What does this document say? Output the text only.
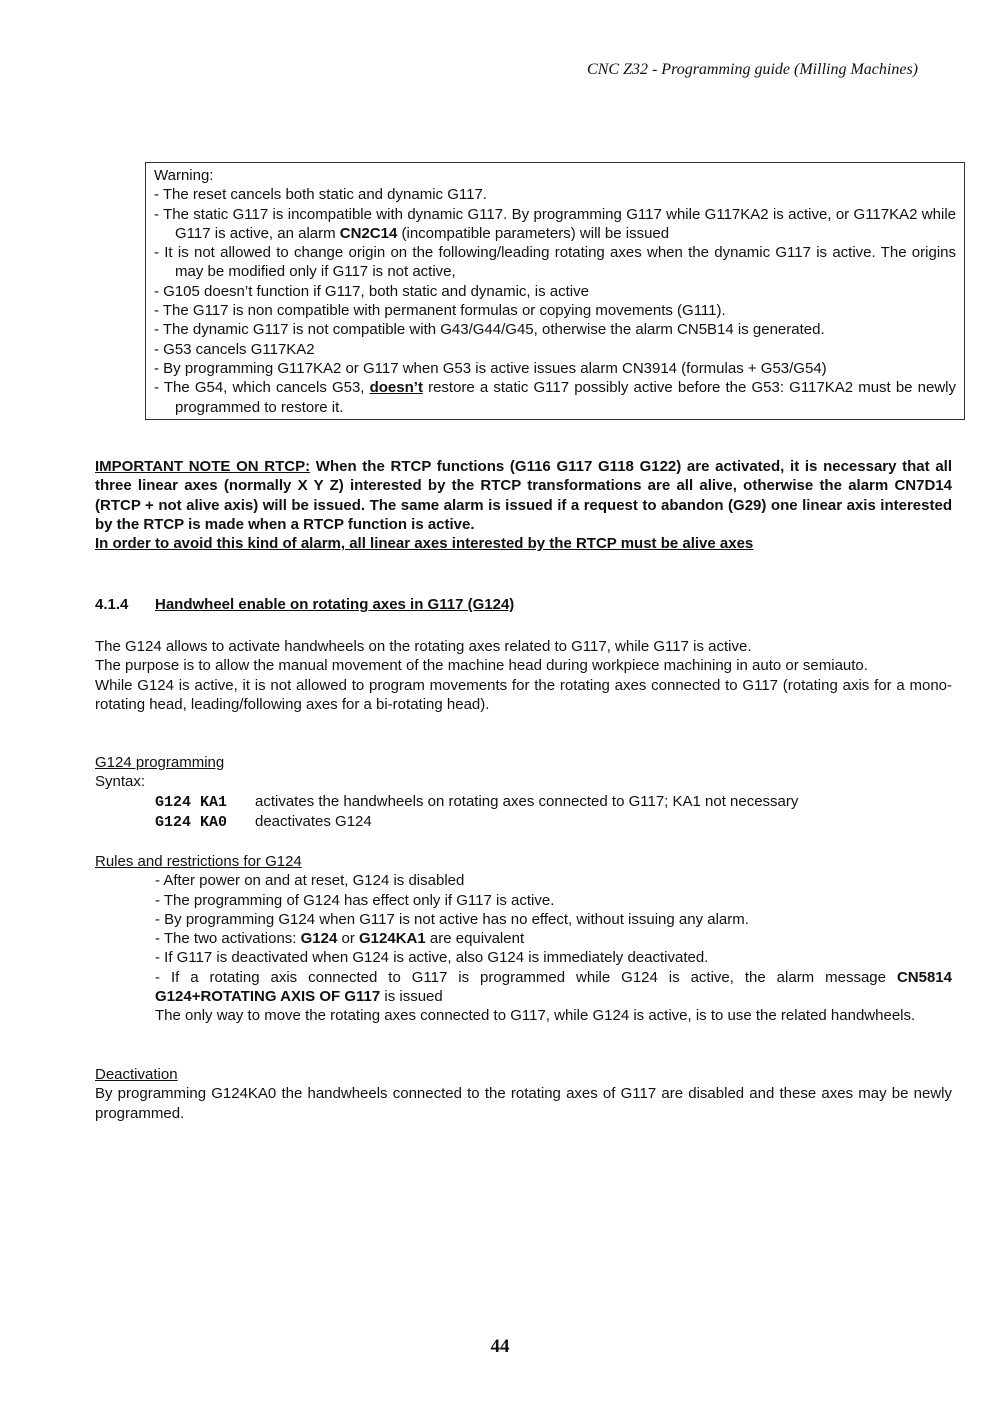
CNC Z32 - Programming guide (Milling Machines)
Warning:
- The reset cancels both static and dynamic G117.
- The static G117 is incompatible with dynamic G117. By programming G117 while G117KA2 is active, or G117KA2 while G117 is active, an alarm CN2C14 (incompatible parameters) will be issued
- It is not allowed to change origin on the following/leading rotating axes when the dynamic G117 is active. The origins may be modified only if G117 is not active,
- G105 doesn’t function if G117, both static and dynamic, is active
- The G117 is non compatible with permanent formulas or copying movements (G111).
- The dynamic G117 is not compatible with G43/G44/G45, otherwise the alarm CN5B14 is generated.
- G53 cancels G117KA2
- By programming G117KA2 or G117 when G53 is active issues alarm CN3914 (formulas + G53/G54)
- The G54, which cancels G53, doesn’t restore a static G117 possibly active before the G53: G117KA2 must be newly programmed to restore it.
IMPORTANT NOTE ON RTCP: When the RTCP functions (G116 G117 G118 G122) are activated, it is necessary that all three linear axes (normally X Y Z) interested by the RTCP transformations are all alive, otherwise the alarm CN7D14 (RTCP + not alive axis) will be issued. The same alarm is issued if a request to abandon (G29) one linear axis interested by the RTCP is made when a RTCP function is active.
In order to avoid this kind of alarm, all linear axes interested by the RTCP must be alive axes
4.1.4 Handwheel enable on rotating axes in G117 (G124)
The G124 allows to activate handwheels on the rotating axes related to G117, while G117 is active.
The purpose is to allow the manual movement of the machine head during workpiece machining in auto or semiauto.
While G124 is active, it is not allowed to program movements for the rotating axes connected to G117 (rotating axis for a mono-rotating head, leading/following axes for a bi-rotating head).
G124 programming
Syntax:
G124 KA1 activates the handwheels on rotating axes connected to G117; KA1 not necessary
G124 KA0 deactivates G124
Rules and restrictions for G124
- After power on and at reset, G124 is disabled
- The programming of G124 has effect only if G117 is active.
- By programming G124 when G117 is not active has no effect, without issuing any alarm.
- The two activations: G124 or G124KA1 are equivalent
- If G117 is deactivated when G124 is active, also G124 is immediately deactivated.
- If a rotating axis connected to G117 is programmed while G124 is active, the alarm message CN5814 G124+ROTATING AXIS OF G117 is issued
The only way to move the rotating axes connected to G117, while G124 is active, is to use the related handwheels.
Deactivation
By programming G124KA0 the handwheels connected to the rotating axes of G117 are disabled and these axes may be newly programmed.
44
